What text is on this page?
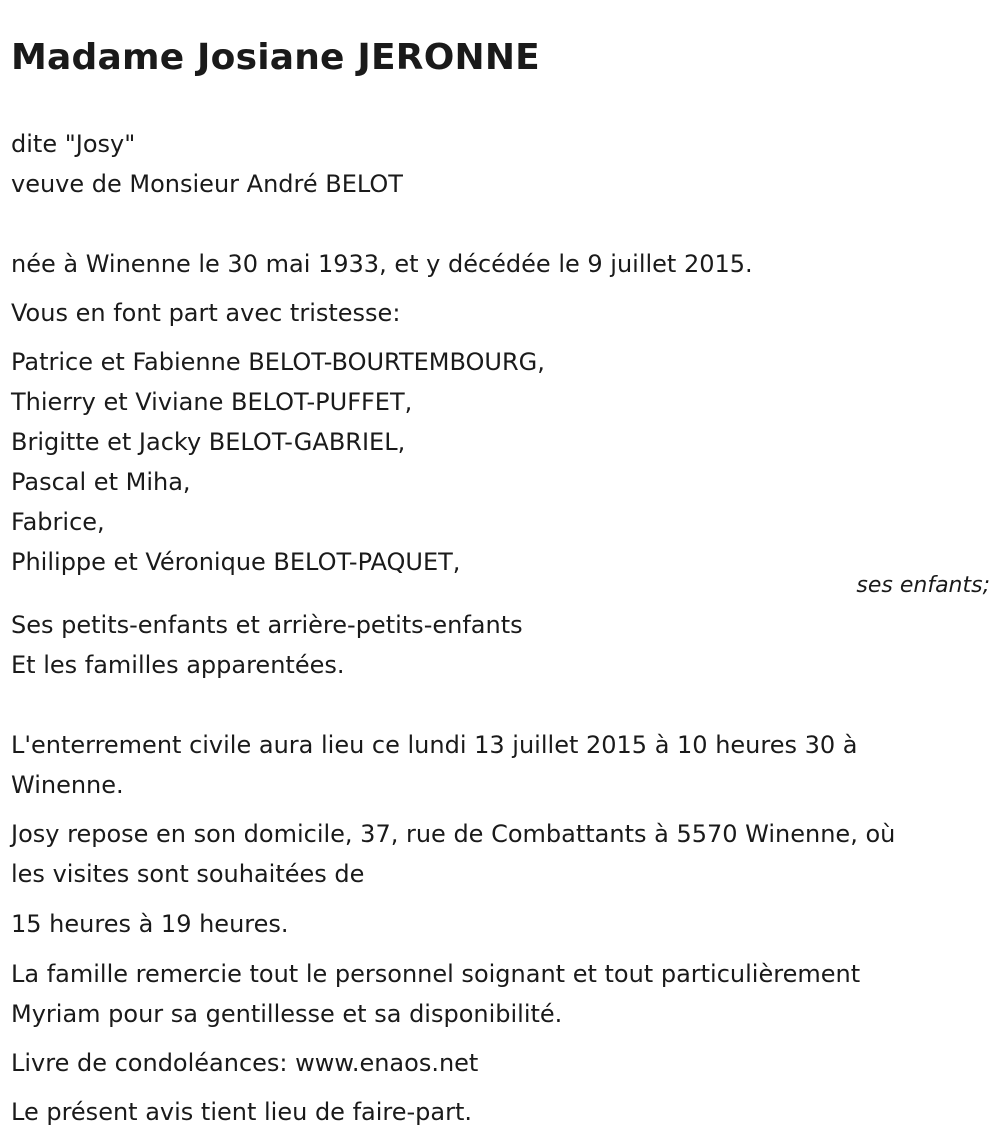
Madame Josiane JERONNE

dite "Josy"

veuve de Monsieur André BELOT

née à Winenne le 30 mai 1933, et y décédée le 9 juillet 2015.

Vous en font part avec tristesse:

Patrice et Fabienne BELOT-BOURTEMBOURG,

Thierry et Viviane BELOT-PUFFET,

Brigitte et Jacky BELOT-GABRIEL,

Pascal et Miha,

Fabrice,

Philippe et Véronique BELOT-PAQUET,

ses enfants;

Ses petits-enfants et arrière-petits-enfants

Et les familles apparentées.

L'enterrement civile aura lieu ce lundi 13 juillet 2015 à 10 heures 30 à

Winenne.

Josy repose en son domicile, 37, rue de Combattants à 5570 Winenne, où

les visites sont souhaitées de

15 heures à 19 heures.

La famille remercie tout le personnel soignant et tout particulièrement

Myriam pour sa gentillesse et sa disponibilité.

Livre de condoléances: www.enaos.net

Le présent avis tient lieu de faire-part.
